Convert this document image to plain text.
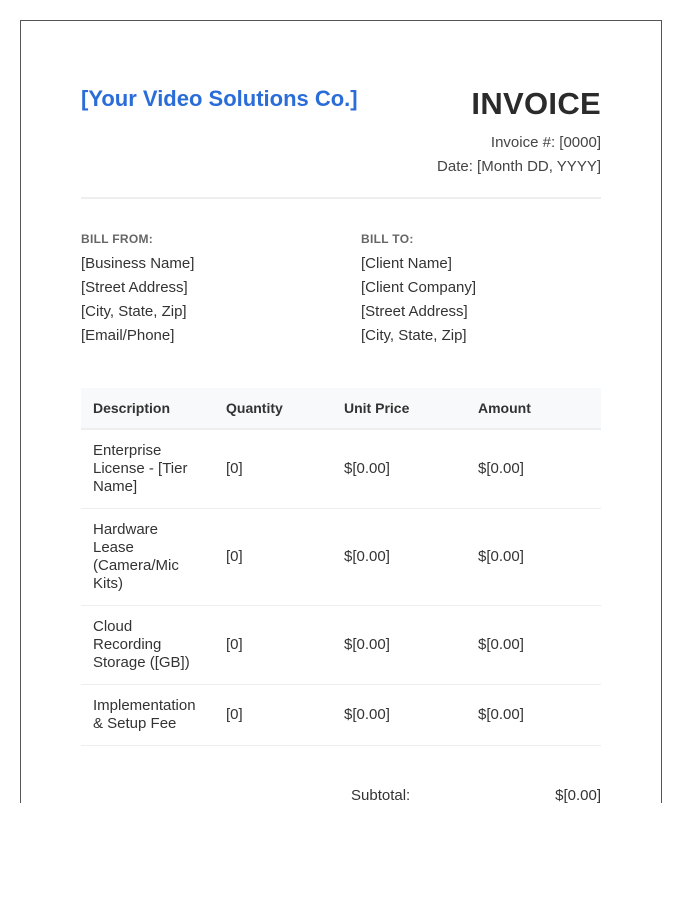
[Your Video Solutions Co.]	INVOICE
Invoice #: [0000]
Date: [Month DD, YYYY]
BILL FROM:
[Business Name]
[Street Address]
[City, State, Zip]
[Email/Phone]
BILL TO:
[Client Name]
[Client Company]
[Street Address]
[City, State, Zip]
Description	Quantity	Unit Price	Amount
Enterprise License - [Tier Name]	[0]	$[0.00]	$[0.00]
Hardware Lease (Camera/Mic Kits)	[0]	$[0.00]	$[0.00]
Cloud Recording Storage ([GB])	[0]	$[0.00]	$[0.00]
Implementation & Setup Fee	[0]	$[0.00]	$[0.00]
Subtotal:	$[0.00]
